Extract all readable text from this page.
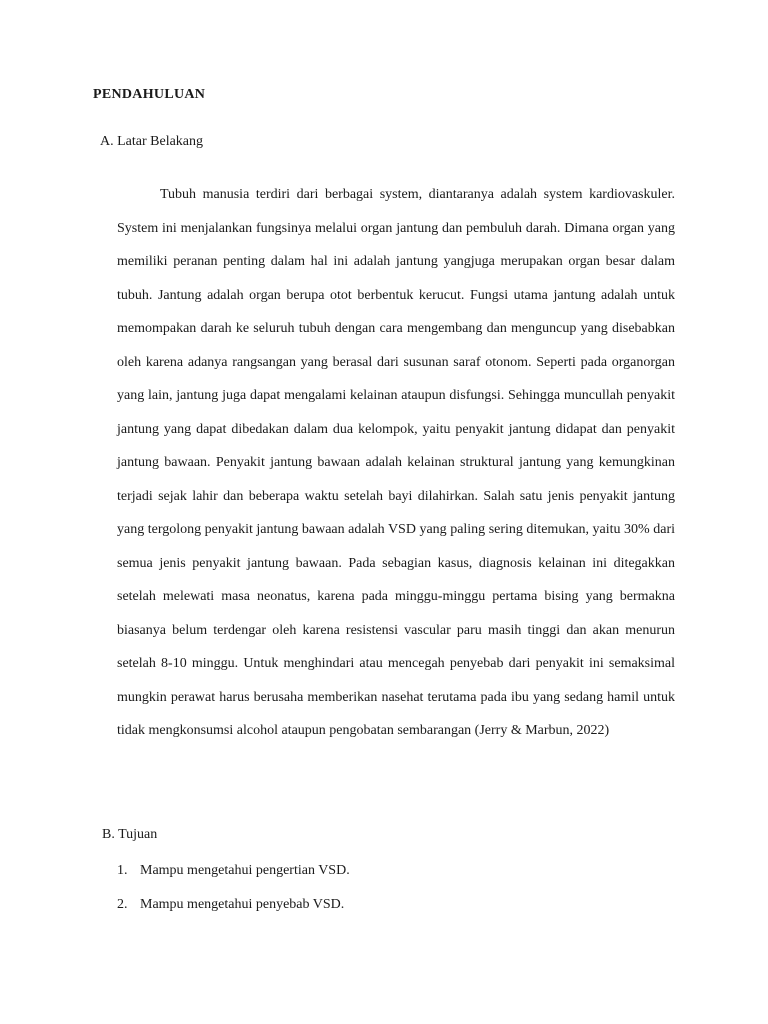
PENDAHULUAN
A. Latar Belakang

Tubuh manusia terdiri dari berbagai system, diantaranya adalah system kardiovaskuler. System ini menjalankan fungsinya melalui organ jantung dan pembuluh darah. Dimana organ yang memiliki peranan penting dalam hal ini adalah jantung yangjuga merupakan organ besar dalam tubuh. Jantung adalah organ berupa otot berbentuk kerucut. Fungsi utama jantung adalah untuk memompakan darah ke seluruh tubuh dengan cara mengembang dan menguncup yang disebabkan oleh karena adanya rangsangan yang berasal dari susunan saraf otonom. Seperti pada organorgan yang lain, jantung juga dapat mengalami kelainan ataupun disfungsi. Sehingga muncullah penyakit jantung yang dapat dibedakan dalam dua kelompok, yaitu penyakit jantung didapat dan penyakit jantung bawaan. Penyakit jantung bawaan adalah kelainan struktural jantung yang kemungkinan terjadi sejak lahir dan beberapa waktu setelah bayi dilahirkan. Salah satu jenis penyakit jantung yang tergolong penyakit jantung bawaan adalah VSD yang paling sering ditemukan, yaitu 30% dari semua jenis penyakit jantung bawaan. Pada sebagian kasus, diagnosis kelainan ini ditegakkan setelah melewati masa neonatus, karena pada minggu-minggu pertama bising yang bermakna biasanya belum terdengar oleh karena resistensi vascular paru masih tinggi dan akan menurun setelah 8-10 minggu. Untuk menghindari atau mencegah penyebab dari penyakit ini semaksimal mungkin perawat harus berusaha memberikan nasehat terutama pada ibu yang sedang hamil untuk tidak mengkonsumsi alcohol ataupun pengobatan sembarangan (Jerry & Marbun, 2022)

B. Tujuan
1. Mampu mengetahui pengertian VSD.
2. Mampu mengetahui penyebab VSD.
